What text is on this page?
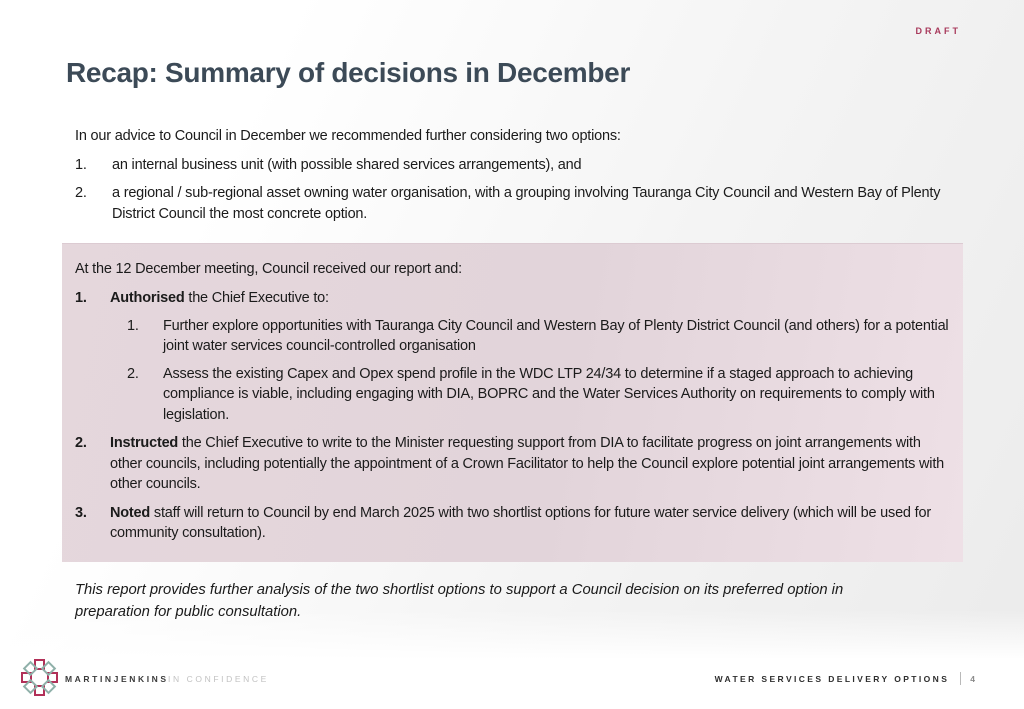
DRAFT
Recap: Summary of decisions in December

In our advice to Council in December we recommended further considering two options:

1.	an internal business unit (with possible shared services arrangements), and
2.	a regional / sub-regional asset owning water organisation, with a grouping involving Tauranga City Council and Western Bay of Plenty District Council the most concrete option.

At the 12 December meeting, Council received our report and:

1.	Authorised the Chief Executive to:
1.	Further explore opportunities with Tauranga City Council and Western Bay of Plenty District Council (and others) for a potential joint water services council-controlled organisation
2.	Assess the existing Capex and Opex spend profile in the WDC LTP 24/34 to determine if a staged approach to achieving compliance is viable, including engaging with DIA, BOPRC and the Water Services Authority on requirements to comply with legislation.
2.	Instructed the Chief Executive to write to the Minister requesting support from DIA to facilitate progress on joint arrangements with other councils, including potentially the appointment of a Crown Facilitator to help the Council explore potential joint arrangements with other councils.
3.	Noted staff will return to Council by end March 2025 with two shortlist options for future water service delivery (which will be used for community consultation).

This report provides further analysis of the two shortlist options to support a Council decision on its preferred option in preparation for public consultation.

MARTINJENKINS IN CONFIDENCE	WATER SERVICES DELIVERY OPTIONS 4
